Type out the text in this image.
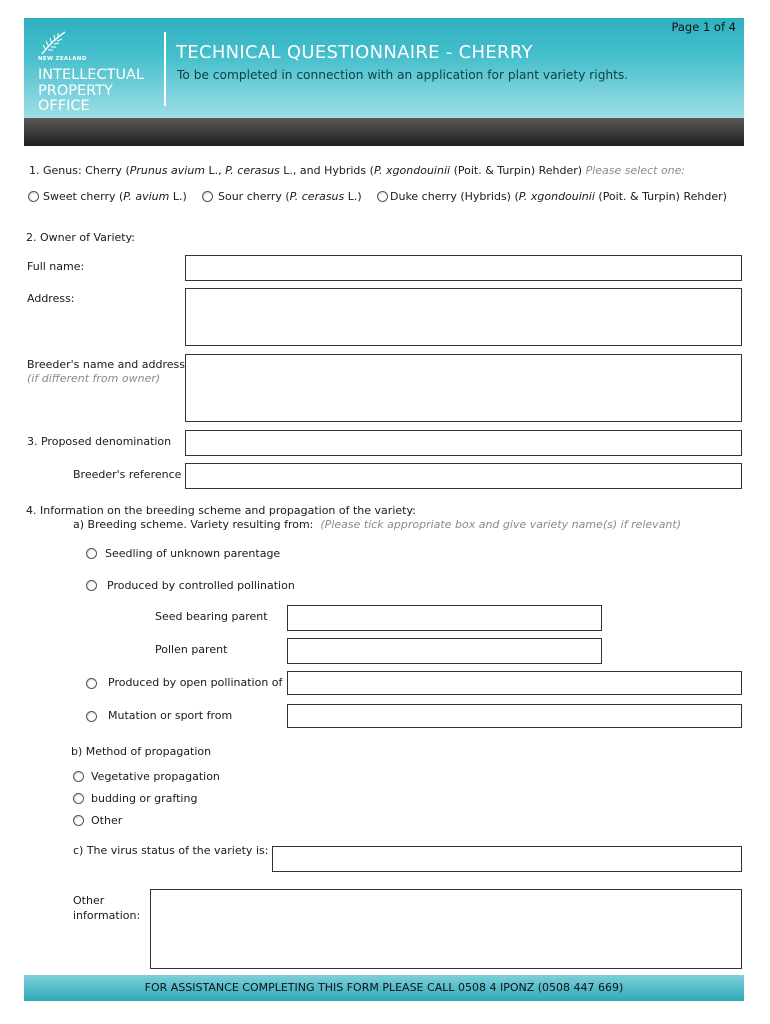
Page 1 of 4
NEW ZEALAND
INTELLECTUAL
PROPERTY
OFFICE
TECHNICAL QUESTIONNAIRE - CHERRY
To be completed in connection with an application for plant variety rights.
1. Genus: Cherry (Prunus avium L., P. cerasus L., and Hybrids (P. xgondouinii (Poit. & Turpin) Rehder) Please select one:
Sweet cherry (P. avium L.)	Sour cherry (P. cerasus L.)	Duke cherry (Hybrids) (P. xgondouinii (Poit. & Turpin) Rehder)
2. Owner of Variety:
Full name:
Address:
Breeder's name and address
(if different from owner)
3. Proposed denomination
Breeder's reference
4. Information on the breeding scheme and propagation of the variety:
a) Breeding scheme. Variety resulting from: (Please tick appropriate box and give variety name(s) if relevant)
Seedling of unknown parentage
Produced by controlled pollination
Seed bearing parent
Pollen parent
Produced by open pollination of
Mutation or sport from
b) Method of propagation
Vegetative propagation
budding or grafting
Other
c) The virus status of the variety is:
Other
information:
FOR ASSISTANCE COMPLETING THIS FORM PLEASE CALL 0508 4 IPONZ (0508 447 669)
